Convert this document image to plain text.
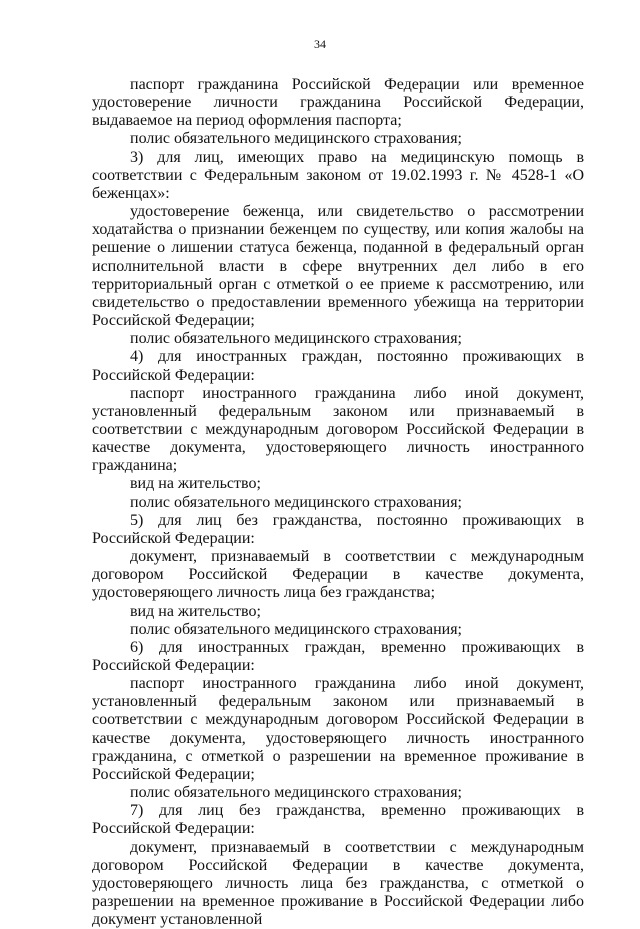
34

паспорт гражданина Российской Федерации или временное удостоверение личности гражданина Российской Федерации, выдаваемое на период оформления паспорта;

полис обязательного медицинского страхования;

3) для лиц, имеющих право на медицинскую помощь в соответствии с Федеральным законом от 19.02.1993 г. № 4528-1 «О беженцах»:

удостоверение беженца, или свидетельство о рассмотрении ходатайства о признании беженцем по существу, или копия жалобы на решение о лишении статуса беженца, поданной в федеральный орган исполнительной власти в сфере внутренних дел либо в его территориальный орган с отметкой о ее приеме к рассмотрению, или свидетельство о предоставлении временного убежища на территории Российской Федерации;

полис обязательного медицинского страхования;

4) для иностранных граждан, постоянно проживающих в Российской Федерации:

паспорт иностранного гражданина либо иной документ, установленный федеральным законом или признаваемый в соответствии с международным договором Российской Федерации в качестве документа, удостоверяющего личность иностранного гражданина;

вид на жительство;

полис обязательного медицинского страхования;

5) для лиц без гражданства, постоянно проживающих в Российской Федерации:

документ, признаваемый в соответствии с международным договором Российской Федерации в качестве документа, удостоверяющего личность лица без гражданства;

вид на жительство;

полис обязательного медицинского страхования;

6) для иностранных граждан, временно проживающих в Российской Федерации:

паспорт иностранного гражданина либо иной документ, установленный федеральным законом или признаваемый в соответствии с международным договором Российской Федерации в качестве документа, удостоверяющего личность иностранного гражданина, с отметкой о разрешении на временное проживание в Российской Федерации;

полис обязательного медицинского страхования;

7) для лиц без гражданства, временно проживающих в Российской Федерации:

документ, признаваемый в соответствии с международным договором Российской Федерации в качестве документа, удостоверяющего личность лица без гражданства, с отметкой о разрешении на временное проживание в Российской Федерации либо документ установленной
